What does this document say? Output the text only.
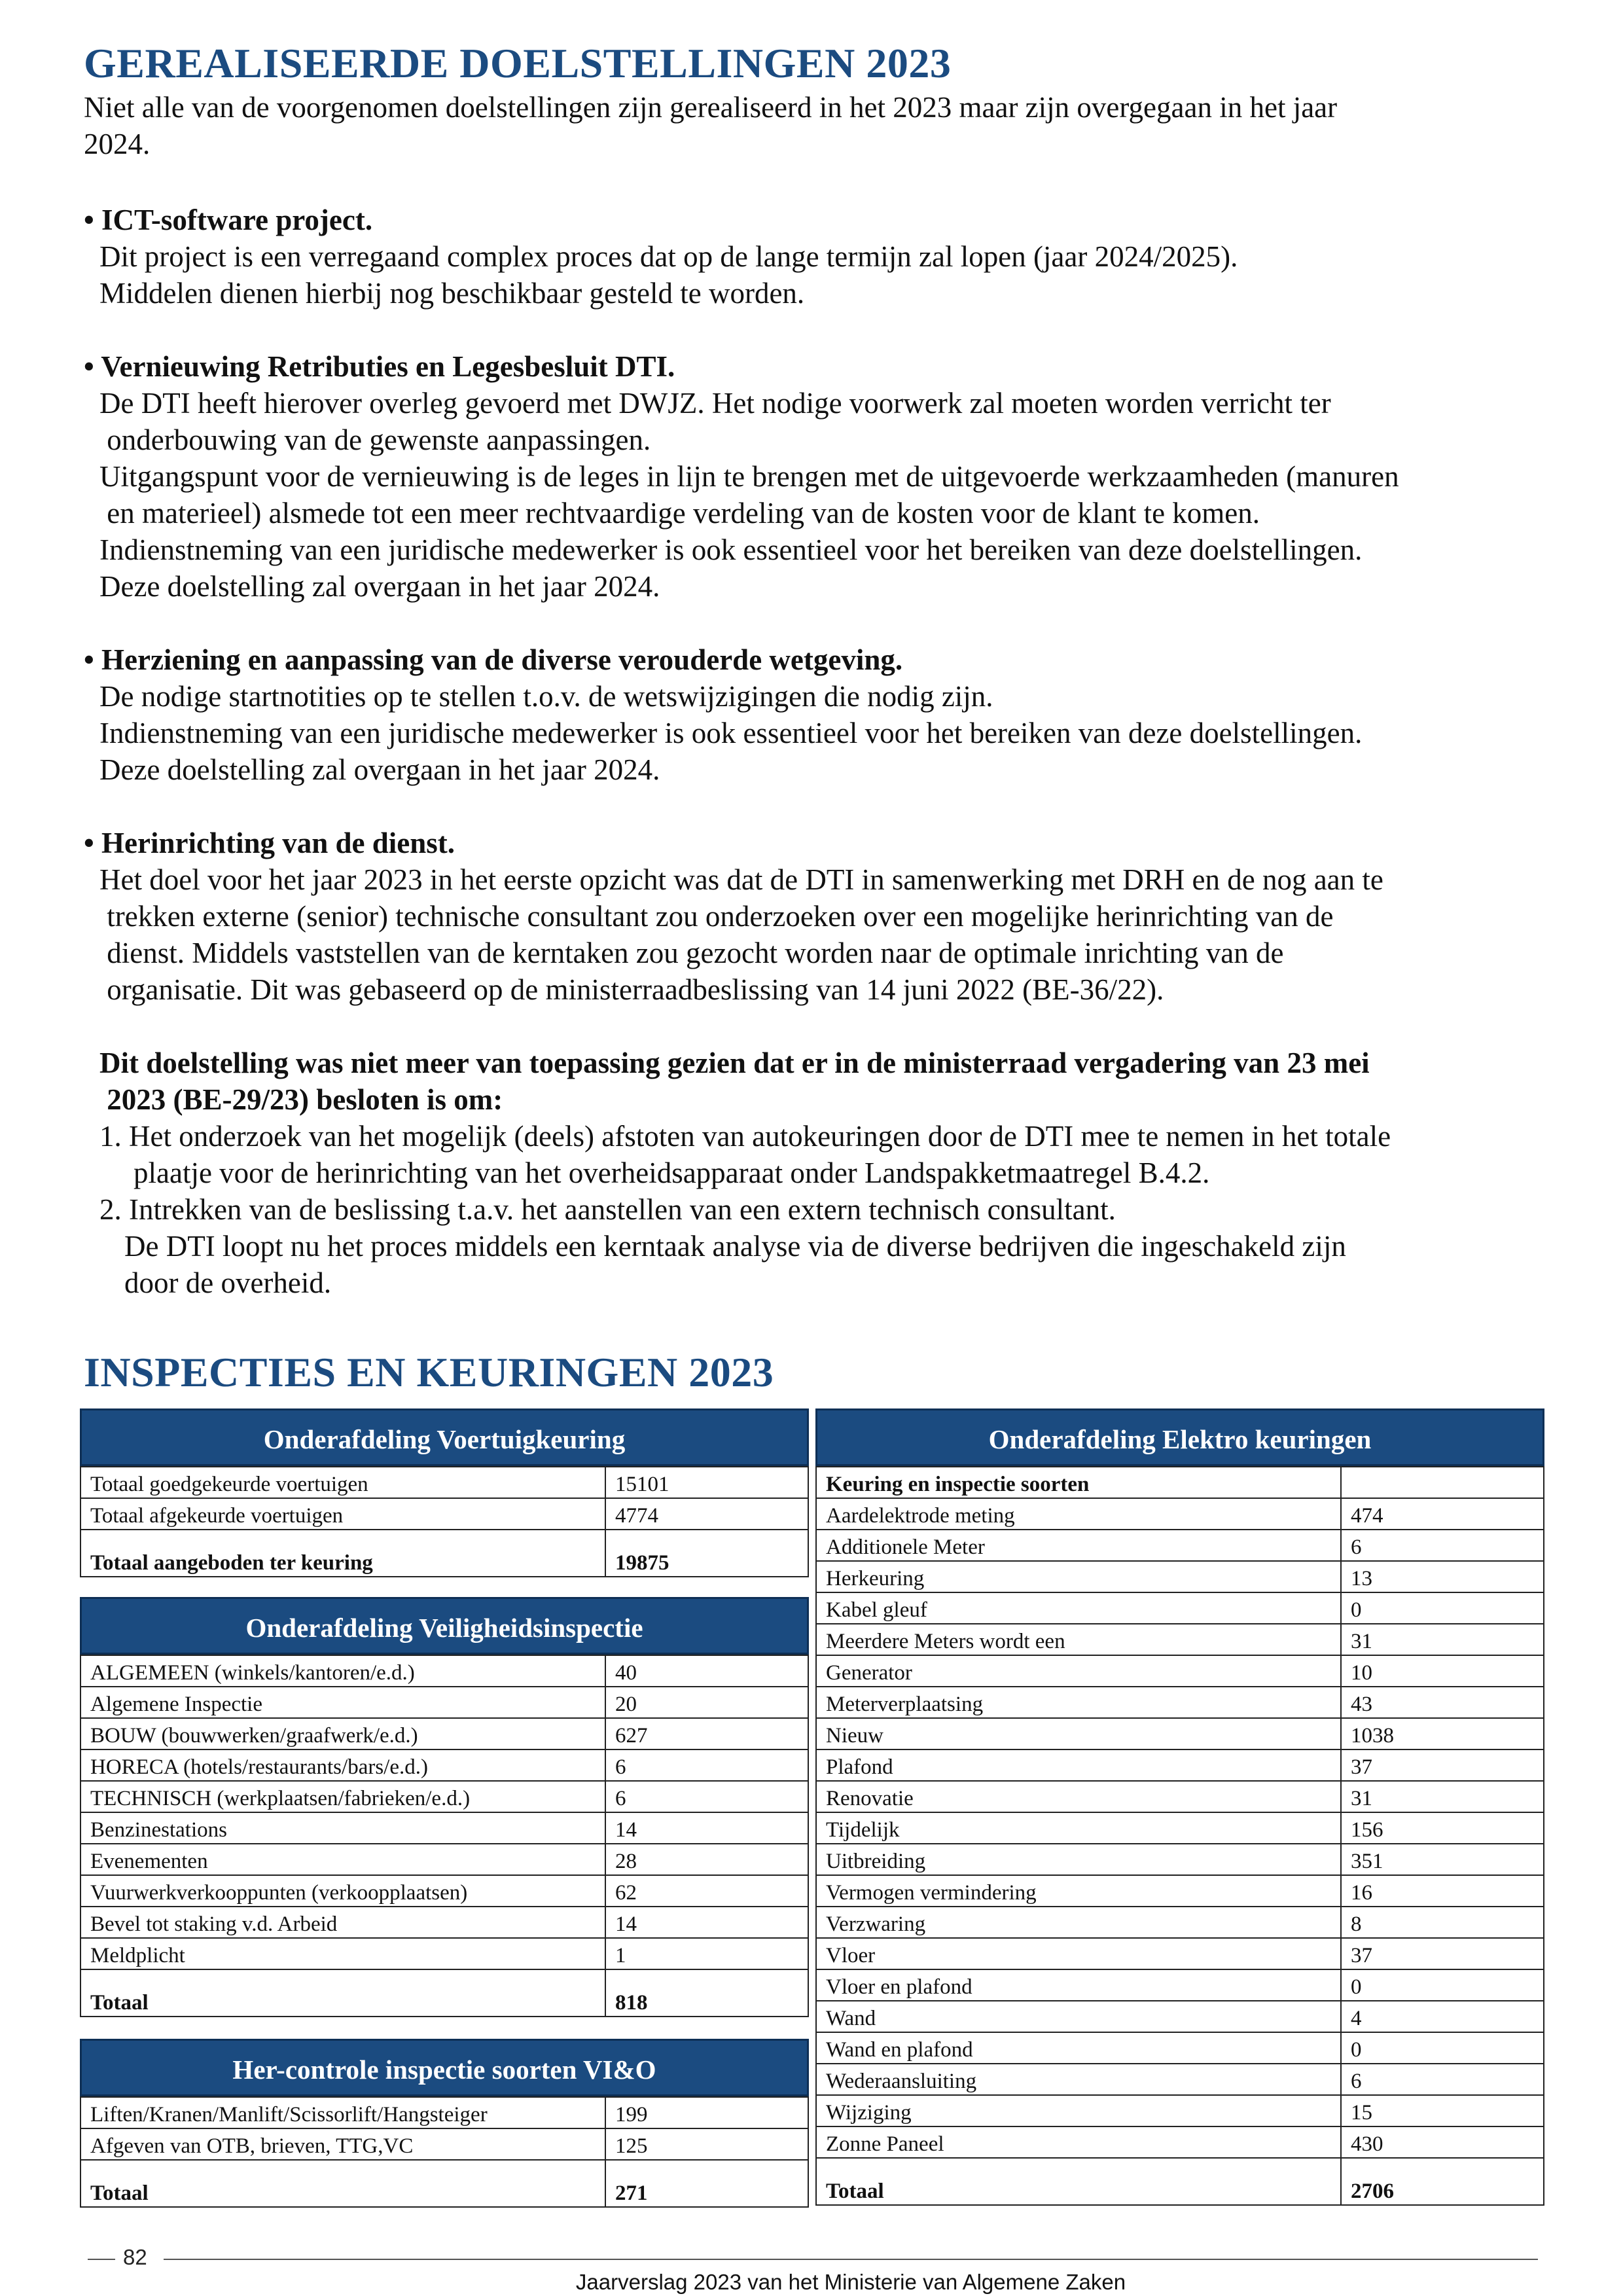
GEREALISEERDE DOELSTELLINGEN 2023

Niet alle van de voorgenomen doelstellingen zijn gerealiseerd in het 2023 maar zijn overgegaan in het jaar

2024.

• ICT-software project.

Dit project is een verregaand complex proces dat op de lange termijn zal lopen (jaar 2024/2025).

Middelen dienen hierbij nog beschikbaar gesteld te worden.

• Vernieuwing Retributies en Legesbesluit DTI.

De DTI heeft hierover overleg gevoerd met DWJZ. Het nodige voorwerk zal moeten worden verricht ter

onderbouwing van de gewenste aanpassingen.

Uitgangspunt voor de vernieuwing is de leges in lijn te brengen met de uitgevoerde werkzaamheden (manuren

en materieel) alsmede tot een meer rechtvaardige verdeling van de kosten voor de klant te komen.

Indienstneming van een juridische medewerker is ook essentieel voor het bereiken van deze doelstellingen.

Deze doelstelling zal overgaan in het jaar 2024.

• Herziening en aanpassing van de diverse verouderde wetgeving.

De nodige startnotities op te stellen t.o.v. de wetswijzigingen die nodig zijn.

Indienstneming van een juridische medewerker is ook essentieel voor het bereiken van deze doelstellingen.

Deze doelstelling zal overgaan in het jaar 2024.

• Herinrichting van de dienst.

Het doel voor het jaar 2023 in het eerste opzicht was dat de DTI in samenwerking met DRH en de nog aan te

trekken externe (senior) technische consultant zou onderzoeken over een mogelijke herinrichting van de

dienst. Middels vaststellen van de kerntaken zou gezocht worden naar de optimale inrichting van de

organisatie. Dit was gebaseerd op de ministerraadbeslissing van 14 juni 2022 (BE-36/22).

Dit doelstelling was niet meer van toepassing gezien dat er in de ministerraad vergadering van 23 mei

2023 (BE-29/23) besloten is om:

1. Het onderzoek van het mogelijk (deels) afstoten van autokeuringen door de DTI mee te nemen in het totale

plaatje voor de herinrichting van het overheidsapparaat onder Landspakketmaatregel B.4.2.

2. Intrekken van de beslissing t.a.v. het aanstellen van een extern technisch consultant.

De DTI loopt nu het proces middels een kerntaak analyse via de diverse bedrijven die ingeschakeld zijn

door de overheid.

INSPECTIES EN KEURINGEN 2023
Onderafdeling Voertuigkeuring
Totaal goedgekeurde voertuigen	15101
Totaal afgekeurde voertuigen	4774
Totaal aangeboden ter keuring	19875
Onderafdeling Veiligheidsinspectie
ALGEMEEN (winkels/kantoren/e.d.)	40
Algemene Inspectie	20
BOUW (bouwwerken/graafwerk/e.d.)	627
HORECA (hotels/restaurants/bars/e.d.)	6
TECHNISCH (werkplaatsen/fabrieken/e.d.)	6
Benzinestations	14
Evenementen	28
Vuurwerkverkooppunten (verkoopplaatsen)	62
Bevel tot staking v.d. Arbeid	14
Meldplicht	1
Totaal	818
Her-controle inspectie soorten VI&O
Liften/Kranen/Manlift/Scissorlift/Hangsteiger	199
Afgeven van OTB, brieven, TTG,VC	125
Totaal	271
Onderafdeling Elektro keuringen
Keuring en inspectie soorten	
Aardelektrode meting	474
Additionele Meter	6
Herkeuring	13
Kabel gleuf	0
Meerdere Meters wordt een	31
Generator	10
Meterverplaatsing	43
Nieuw	1038
Plafond	37
Renovatie	31
Tijdelijk	156
Uitbreiding	351
Vermogen vermindering	16
Verzwaring	8
Vloer	37
Vloer en plafond	0
Wand	4
Wand en plafond	0
Wederaansluiting	6
Wijziging	15
Zonne Paneel	430
Totaal	2706
82
Jaarverslag 2023 van het Ministerie van Algemene Zaken
